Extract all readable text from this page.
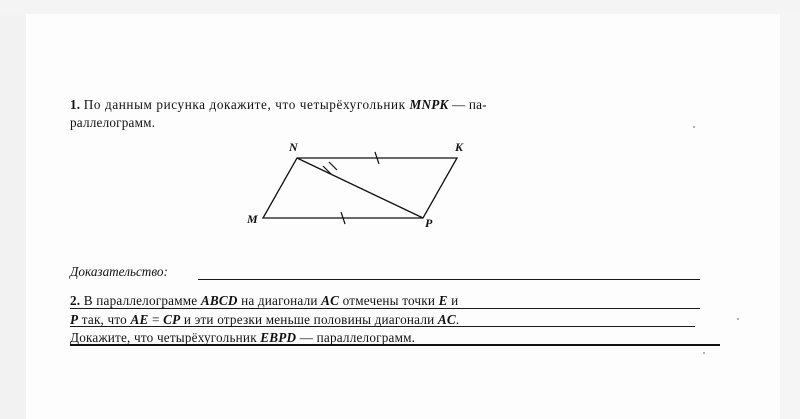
1. По данным рисунка докажите, что четырёхугольник MNPK — па-
раллелограмм.
N	K
M	P
Доказательство:
2. В параллелограмме ABCD на диагонали AC отмечены точки E и
P так, что AE = CP и эти отрезки меньше половины диагонали AC.
Докажите, что четырёхугольник EBPD — параллелограмм.
